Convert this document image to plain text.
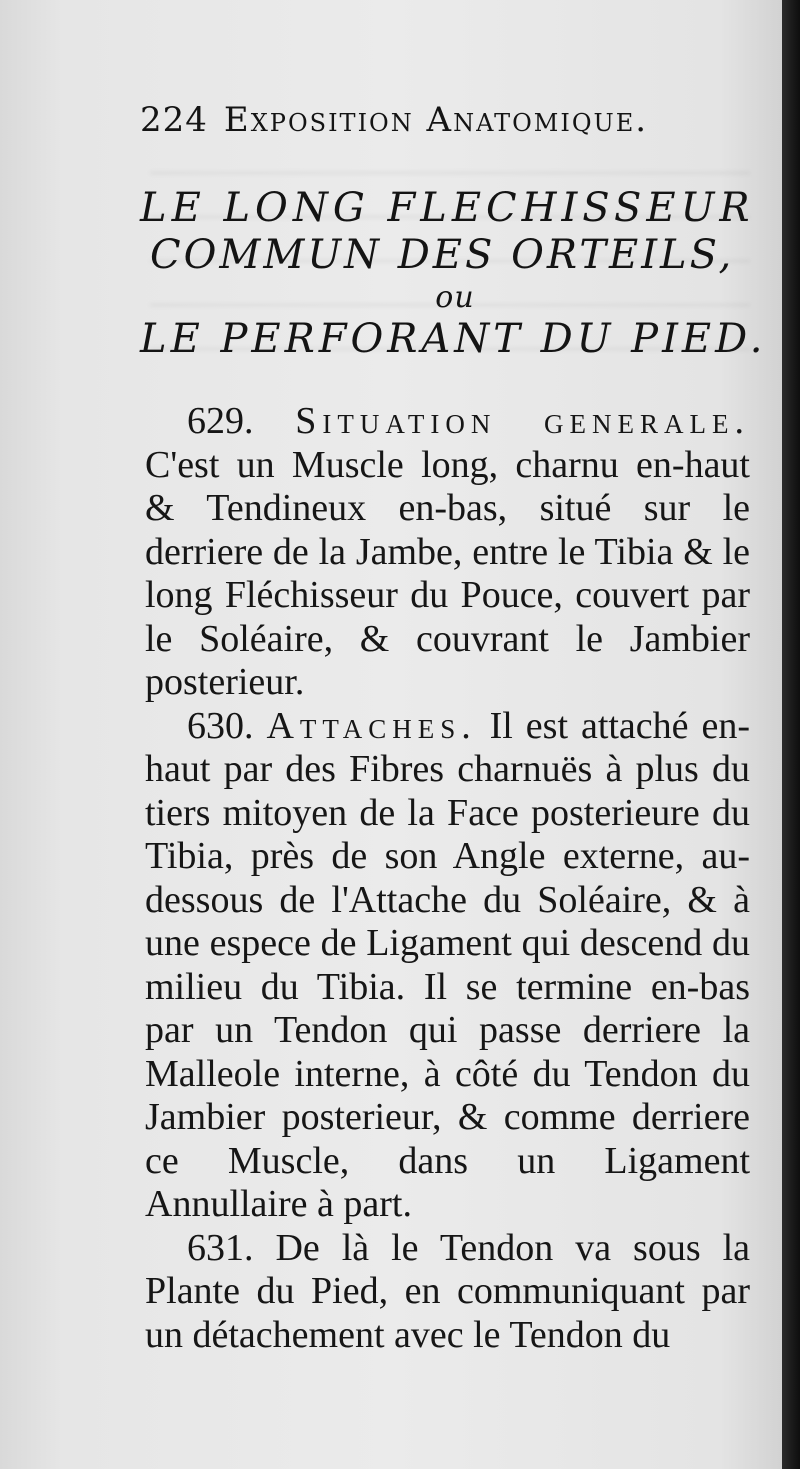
224 Exposition Anatomique.
LE LONG FLECHISSEUR
COMMUN DES ORTEILS,
ou
LE PERFORANT DU PIED.

629. Situation generale. C'est un Muscle long, charnu en-haut & Tendineux en-bas, situé sur le derriere de la Jambe, entre le Tibia & le long Fléchisseur du Pouce, couvert par le Soléaire, & couvrant le Jambier posterieur.

630. Attaches. Il est attaché en-haut par des Fibres charnuës à plus du tiers mitoyen de la Face posterieure du Tibia, près de son Angle externe, au-dessous de l'Attache du Soléaire, & à une espece de Ligament qui descend du milieu du Tibia. Il se termine en-bas par un Tendon qui passe derriere la Malleole interne, à côté du Tendon du Jambier posterieur, & comme derriere ce Muscle, dans un Ligament Annullaire à part.

631. De là le Tendon va sous la Plante du Pied, en communiquant par un détachement avec le Tendon du
